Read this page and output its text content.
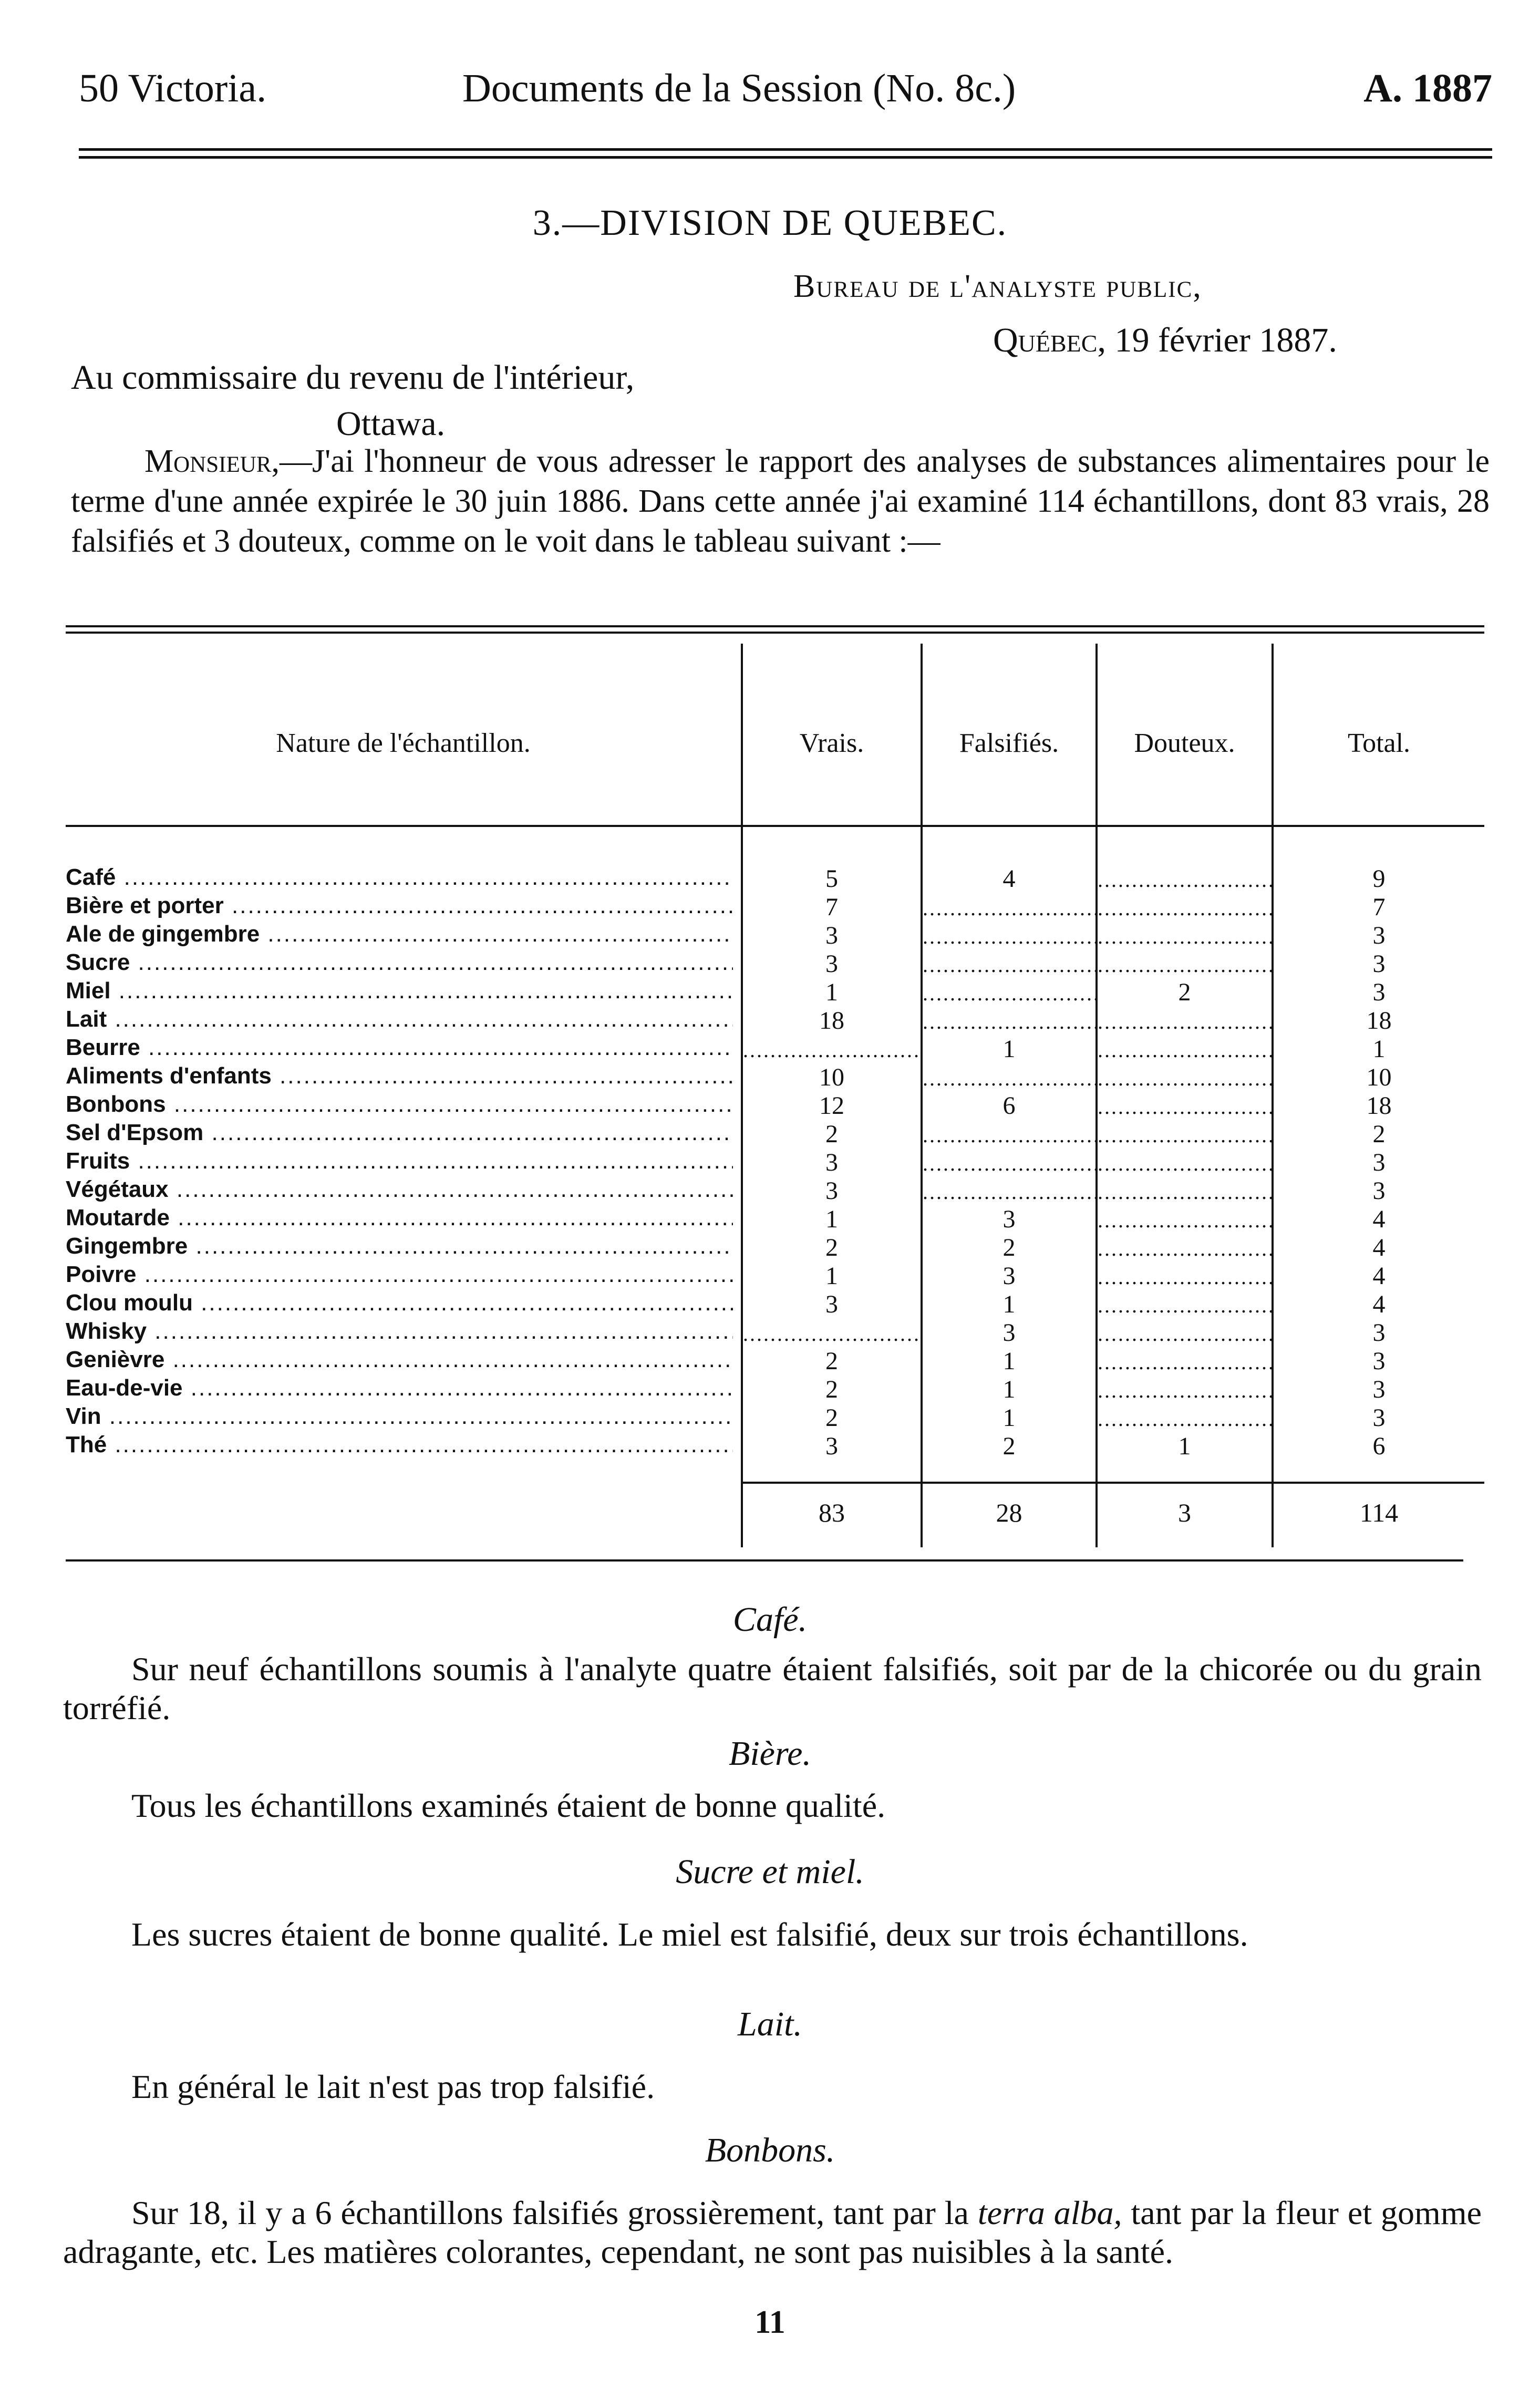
50 Victoria.	Documents de la Session (No. 8c.)	A. 1887
3.—DIVISION DE QUEBEC.
Bureau de l'analyste public,
Québec, 19 février 1887.
Au commissaire du revenu de l'intérieur,
Ottawa.
Monsieur,—J'ai l'honneur de vous adresser le rapport des analyses de substances alimentaires pour le terme d'une année expirée le 30 juin 1886. Dans cette année j'ai examiné 114 échantillons, dont 83 vrais, 28 falsifiés et 3 douteux, comme on le voit dans le tableau suivant :—
Nature de l'échantillon.	Vrais.	Falsifiés.	Douteux.	Total.
Café .....	5	4 .....	9
Bière et porter .....	7 ..... .....	7
Ale de gingembre .....	3 ..... .....	3
Sucre .....	3 ..... .....	3
Miel .....	1 .....	2	3
Lait .....	18 ..... .....	18
Beurre ..... .....	1 .....	1
Aliments d'enfants .....	10 ..... .....	10
Bonbons .....	12	6 .....	18
Sel d'Epsom .....	2 ..... .....	2
Fruits .....	3 ..... .....	3
Végétaux .....	3 ..... .....	3
Moutarde .....	1	3 .....	4
Gingembre .....	2	2 .....	4
Poivre .....	1	3 .....	4
Clou moulu .....	3	1 .....	4
Whisky ..... .....	3 .....	3
Genièvre .....	2	1 .....	3
Eau-de-vie .....	2	1 .....	3
Vin .....	2	1 .....	3
Thé .....	3	2	1	6
83	28	3	114
Café.
Sur neuf échantillons soumis à l'analyte quatre étaient falsifiés, soit par de la chicorée ou du grain torréfié.
Bière.
Tous les échantillons examinés étaient de bonne qualité.
Sucre et miel.
Les sucres étaient de bonne qualité. Le miel est falsifié, deux sur trois échantillons.
Lait.
En général le lait n'est pas trop falsifié.
Bonbons.
Sur 18, il y a 6 échantillons falsifiés grossièrement, tant par la terra alba, tant par la fleur et gomme adragante, etc. Les matières colorantes, cependant, ne sont pas nuisibles à la santé.
11
